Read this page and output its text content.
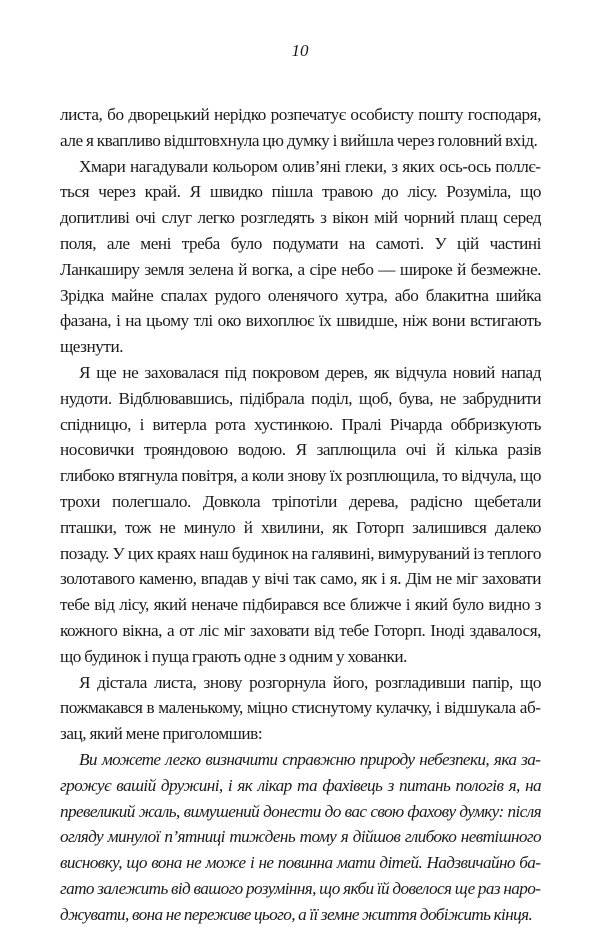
10

листа, бо дворецький нерідко розпечатує особисту пошту господаря, але я квапливо відштовхнула цю думку і вийшла через головний вхід.

Хмари нагадували кольором олив’яні глеки, з яких ось-ось поллється через край. Я швидко пішла травою до лісу. Розуміла, що допитливі очі слуг легко розгледять з вікон мій чорний плащ серед поля, але мені треба було подумати на самоті. У цій частині Ланкаширу земля зелена й вогка, а сіре небо — широке й безмежне. Зрідка майне спалах рудого оленячого хутра, або блакитна шийка фазана, і на цьому тлі око вихоплює їх швидше, ніж вони встигають щезнути.

Я ще не заховалася під покровом дерев, як відчула новий напад нудоти. Відблювавшись, підібрала поділ, щоб, бува, не забруднити спідницю, і витерла рота хустинкою. Пралі Річарда оббризкують носовички трояндовою водою. Я заплющила очі й кілька разів глибоко втягнула повітря, а коли знову їх розплющила, то відчула, що трохи полегшало. Довкола тріпотіли дерева, радісно щебетали пташки, тож не минуло й хвилини, як Готорп залишився далеко позаду. У цих краях наш будинок на галявині, вимуруваний із теплого золотавого каменю, впадав у вічі так само, як і я. Дім не міг заховати тебе від лісу, який неначе підбирався все ближче і який було видно з кожного вікна, а от ліс міг заховати від тебе Готорп. Іноді здавалося, що будинок і пуща грають одне з одним у хованки.

Я дістала листа, знову розгорнула його, розгладивши папір, що пожмакався в маленькому, міцно стиснутому кулачку, і відшукала абзац, який мене приголомшив:

Ви можете легко визначити справжню природу небезпеки, яка загрожує вашій дружині, і як лікар та фахівець з питань пологів я, на превеликий жаль, вимушений донести до вас свою фахову думку: після огляду минулої п’ятниці тиждень тому я дійшов глибоко невтішного висновку, що вона не може і не повинна мати дітей. Надзвичайно багато залежить від вашого розуміння, що якби їй довелося ще раз народжувати, вона не переживе цього, а її земне життя добіжить кінця.
